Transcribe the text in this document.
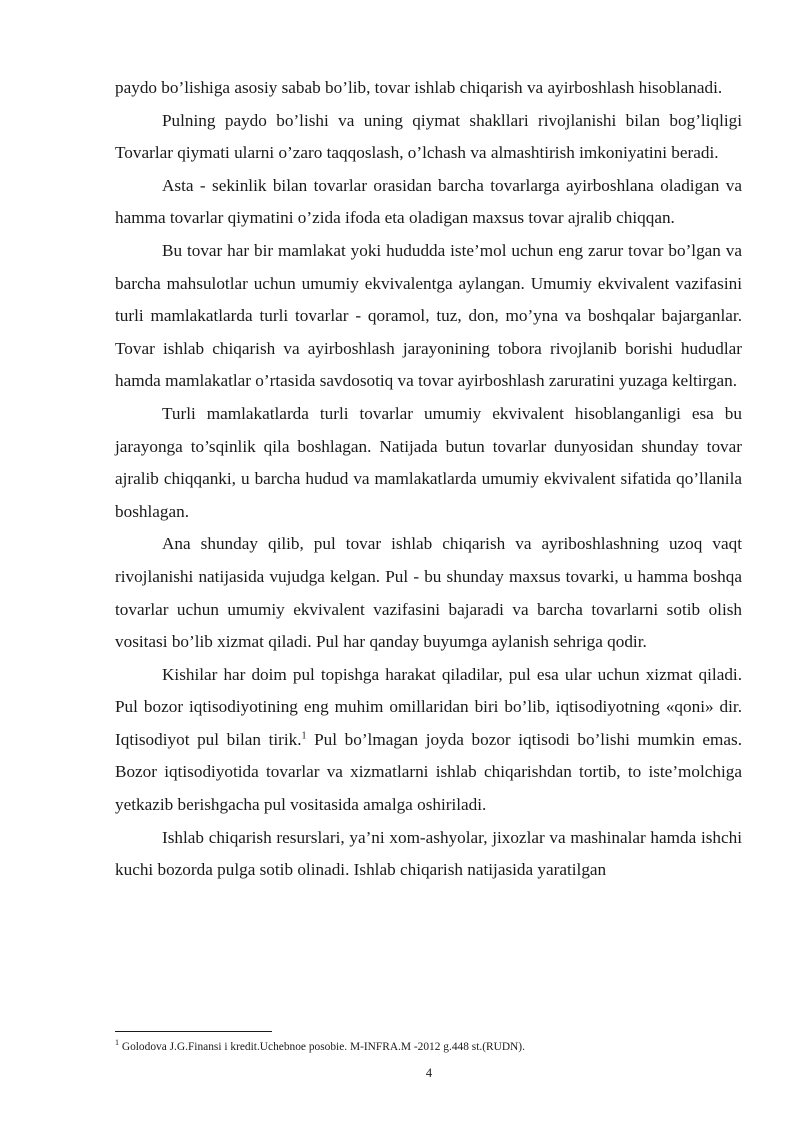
paydo bo’lishiga asosiy sabab bo’lib, tovar ishlab chiqarish va ayirboshlash hisoblanadi.

Pulning paydo bo’lishi va uning qiymat shakllari rivojlanishi bilan bog’liqligi Tovarlar qiymati ularni o’zaro taqqoslash, o’lchash va almashtirish imkoniyatini beradi.

Asta - sekinlik bilan tovarlar orasidan barcha tovarlarga ayirboshlana oladigan va hamma tovarlar qiymatini o’zida ifoda eta oladigan maxsus tovar ajralib chiqqan.

Bu tovar har bir mamlakat yoki hududda iste’mol uchun eng zarur tovar bo’lgan va barcha mahsulotlar uchun umumiy ekvivalentga aylangan. Umumiy ekvivalent vazifasini turli mamlakatlarda turli tovarlar - qoramol, tuz, don, mo’yna va boshqalar bajarganlar. Tovar ishlab chiqarish va ayirboshlash jarayonining tobora rivojlanib borishi hududlar hamda mamlakatlar o’rtasida savdosotiq va tovar ayirboshlash zaruratini yuzaga keltirgan.

Turli mamlakatlarda turli tovarlar umumiy ekvivalent hisoblanganligi esa bu jarayonga to’sqinlik qila boshlagan. Natijada butun tovarlar dunyosidan shunday tovar ajralib chiqqanki, u barcha hudud va mamlakatlarda umumiy ekvivalent sifatida qo’llanila boshlagan.

Ana shunday qilib, pul tovar ishlab chiqarish va ayriboshlashning uzoq vaqt rivojlanishi natijasida vujudga kelgan. Pul - bu shunday maxsus tovarki, u hamma boshqa tovarlar uchun umumiy ekvivalent vazifasini bajaradi va barcha tovarlarni sotib olish vositasi bo’lib xizmat qiladi. Pul har qanday buyumga aylanish sehriga qodir.

Kishilar har doim pul topishga harakat qiladilar, pul esa ular uchun xizmat qiladi. Pul bozor iqtisodiyotining eng muhim omillaridan biri bo’lib, iqtisodiyotning «qoni» dir. Iqtisodiyot pul bilan tirik.$^1$ Pul bo’lmagan joyda bozor iqtisodi bo’lishi mumkin emas. Bozor iqtisodiyotida tovarlar va xizmatlarni ishlab chiqarishdan tortib, to iste’molchiga yetkazib berishgacha pul vositasida amalga oshiriladi.

Ishlab chiqarish resurslari, ya’ni xom-ashyolar, jixozlar va mashinalar hamda ishchi kuchi bozorda pulga sotib olinadi. Ishlab chiqarish natijasida yaratilgan

$^1$ Golodova J.G.Finansi i kredit.Uchebnoe posobie. M-INFRA.M -2012 g.448 st.(RUDN).
4
